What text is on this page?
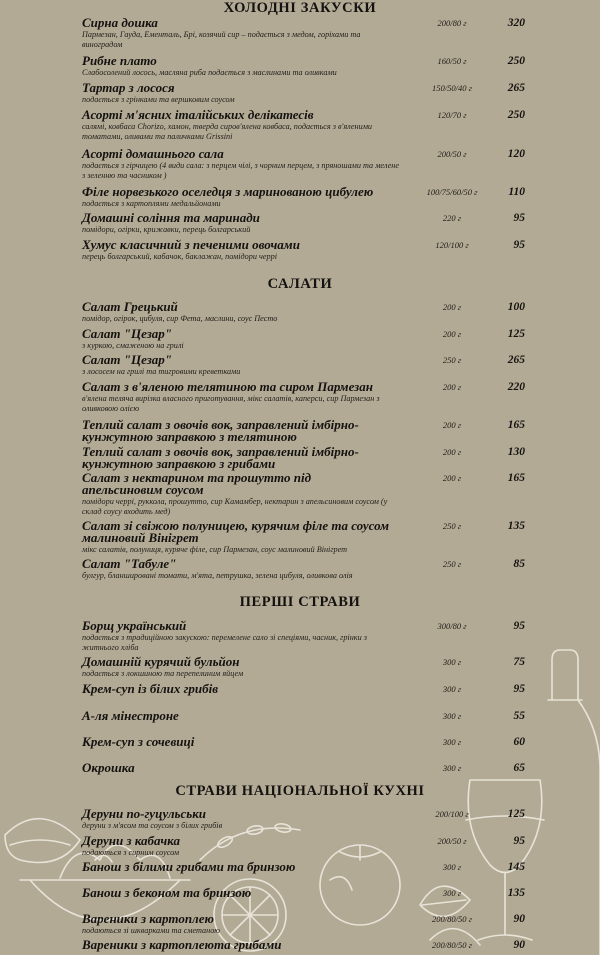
ХОЛОДНІ ЗАКУСКИ
Сирна дошка
Пармезан, Гауда, Ементаль, Брі, козячий сир – подається з медом, горіхами та виноградом
200/80 г	320
Рибне плато
Слабосолений лосось, масляна риба подається з маслинами та оливками
160/50 г	250
Тартар з лосося
подається з грінками та вершковим соусом
150/50/40 г	265
Асорті м'ясних італійських делікатесів
салямі, ковбаса Chorizo, хамон, тверда сиров'ялена ковбаса, подається з в'яленими томатами, оливами та паличками Grissini
120/70 г	250
Асорті домашнього сала
подається з гірчицею (4 види сала: з перцем чілі, з чорним перцем, з пряношами та мелене з зеленню та часником )
200/50 г	120
Філе норвезького оселедця з маринованою цибулею
подається з картоплями медальйонами
100/75/60/50 г	110
Домашні соління та маринади
помідори, огірки, крижавки, перець болгарський
220 г	95
Хумус класичний з печеними овочами
перець болгарський, кабачок, баклажан, помідори черрі
120/100 г	95
САЛАТИ
Салат Грецький
помідор, огірок, цибуля, сир Фета, маслини, соус Песто
200 г	100
Салат "Цезар"
з куркою, смаженою на грилі
200 г	125
Салат "Цезар"
з лососем на грилі та тигровими креветками
250 г	265
Салат з в'яленою телятиною та сиром Пармезан
в'ялена теляча вирізка власного приготування, мікс салатів, каперси, сир Пармезан з оливковою олією
200 г	220
Теплий салат з овочів вок, заправлений імбірно-кунжутною заправкою з телятиною
200 г	165
Теплий салат з овочів вок, заправлений імбірно-кунжутною заправкою з грибами
200 г	130
Салат з нектарином та прошутто під апельсиновим соусом
помідори черрі, руккола, прошутто, сир Камамбер, нектарин з апельсиновим соусом (у склад соусу входить мед)
200 г	165
Салат зі свіжою полуницею, курячим філе та соусом малиновий Вінігрет
мікс салатів, полуниця, куряче філе, сир Пармезан, соус малиновий Вінігрет
250 г	135
Салат "Табуле"
булгур, бланшировані томати, м'ята, петрушка, зелена цибуля, оливкова олія
250 г	85
ПЕРШІ СТРАВИ
Борщ український
подається з традиційною закускою: перемелене сало зі спеціями, часник, грінки з житнього хліба
300/80 г	95
Домашній курячий бульйон
подається з локшиною та перепелиним яйцем
300 г	75
Крем-суп із білих грибів	300 г	95
А-ля мінестроне	300 г	55
Крем-суп з сочевиці	300 г	60
Окрошка	300 г	65
СТРАВИ НАЦІОНАЛЬНОЇ КУХНІ
Деруни по-гуцульськи
деруни з м'ясом та соусом з білих грибів
200/100 г	125
Деруни з кабачка
подаються з сирним соусом
200/50 г	95
Банош з білими грибами та бринзою	300 г	145
Банош з беконом та бринзою	300 г	135
Вареники з картоплею
подаються зі шкварками та сметаною
200/80/50 г	90
Вареники з картоплеюта грибами	200/80/50 г	90
